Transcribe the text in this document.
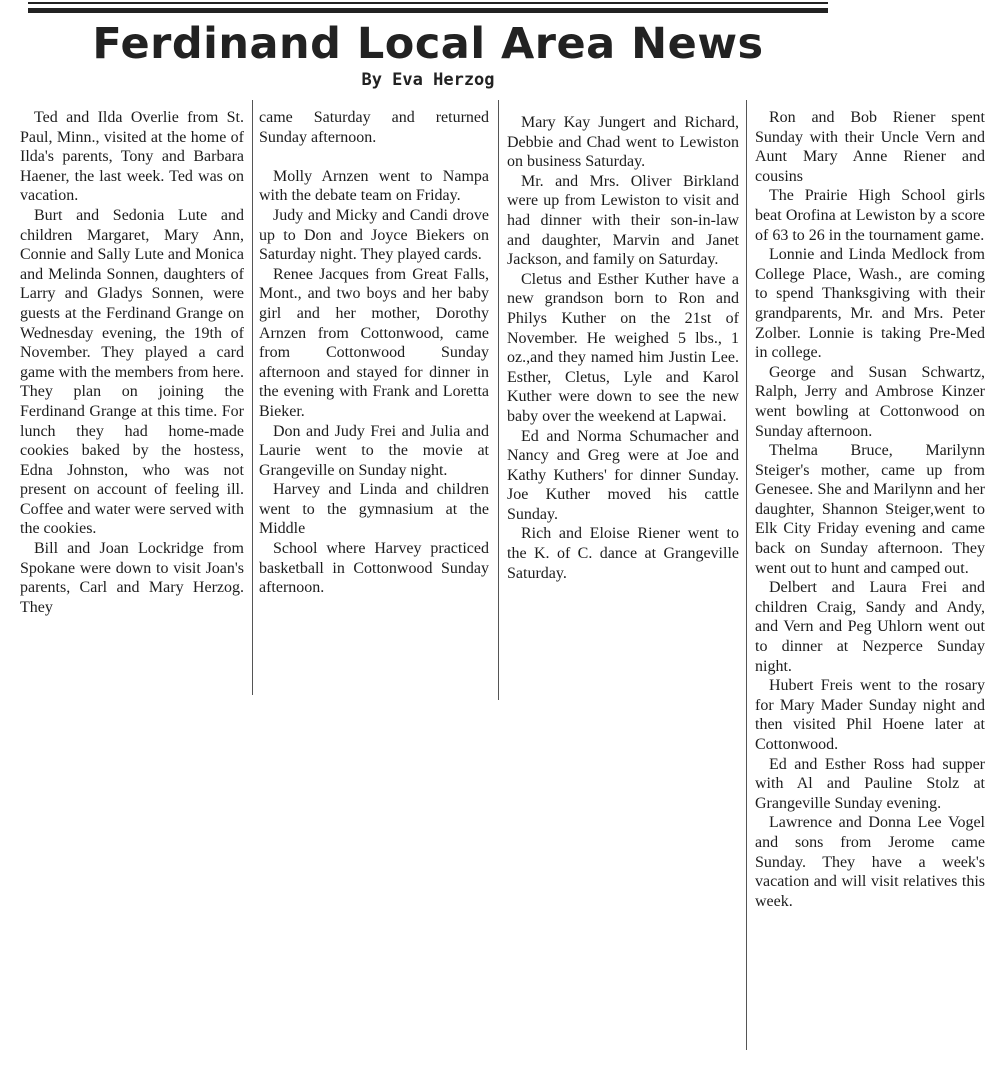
Ferdinand Local Area News
By Eva Herzog

Ted and Ilda Overlie from St. Paul, Minn., visited at the home of Ilda's parents, Tony and Barbara Haener, the last week. Ted was on vacation.

Burt and Sedonia Lute and children Margaret, Mary Ann, Connie and Sally Lute and Monica and Melinda Sonnen, daughters of Larry and Gladys Sonnen, were guests at the Ferdinand Grange on Wednesday evening, the 19th of November. They played a card game with the members from here. They plan on joining the Ferdinand Grange at this time. For lunch they had home-made cookies baked by the hostess, Edna Johnston, who was not present on account of feeling ill. Coffee and water were served with the cookies.

Bill and Joan Lockridge from Spokane were down to visit Joan's parents, Carl and Mary Herzog. They

came Saturday and returned Sunday afternoon.

Molly Arnzen went to Nampa with the debate team on Friday.

Judy and Micky and Candi drove up to Don and Joyce Biekers on Saturday night. They played cards.

Renee Jacques from Great Falls, Mont., and two boys and her baby girl and her mother, Dorothy Arnzen from Cottonwood, came from Cottonwood Sunday afternoon and stayed for dinner in the evening with Frank and Loretta Bieker.

Don and Judy Frei and Julia and Laurie went to the movie at Grangeville on Sunday night.

Harvey and Linda and children went to the gymnasium at the Middle

School where Harvey practiced basketball in Cottonwood Sunday afternoon.

Mary Kay Jungert and Richard, Debbie and Chad went to Lewiston on business Saturday.

Mr. and Mrs. Oliver Birkland were up from Lewiston to visit and had dinner with their son-in-law and daughter, Marvin and Janet Jackson, and family on Saturday.

Cletus and Esther Kuther have a new grandson born to Ron and Philys Kuther on the 21st of November. He weighed 5 lbs., 1 oz.,and they named him Justin Lee. Esther, Cletus, Lyle and Karol Kuther were down to see the new baby over the weekend at Lapwai.

Ed and Norma Schumacher and Nancy and Greg were at Joe and Kathy Kuthers' for dinner Sunday. Joe Kuther moved his cattle Sunday.

Rich and Eloise Riener went to the K. of C. dance at Grangeville Saturday.

Ron and Bob Riener spent Sunday with their Uncle Vern and Aunt Mary Anne Riener and cousins

The Prairie High School girls beat Orofina at Lewiston by a score of 63 to 26 in the tournament game.

Lonnie and Linda Medlock from College Place, Wash., are coming to spend Thanksgiving with their grandparents, Mr. and Mrs. Peter Zolber. Lonnie is taking Pre-Med in college.

George and Susan Schwartz, Ralph, Jerry and Ambrose Kinzer went bowling at Cottonwood on Sunday afternoon.

Thelma Bruce, Marilynn Steiger's mother, came up from Genesee. She and Marilynn and her daughter, Shannon Steiger,went to Elk City Friday evening and came back on Sunday afternoon. They went out to hunt and camped out.

Delbert and Laura Frei and children Craig, Sandy and Andy, and Vern and Peg Uhlorn went out to dinner at Nezperce Sunday night.

Hubert Freis went to the rosary for Mary Mader Sunday night and then visited Phil Hoene later at Cottonwood.

Ed and Esther Ross had supper with Al and Pauline Stolz at Grangeville Sunday evening.

Lawrence and Donna Lee Vogel and sons from Jerome came Sunday. They have a week's vacation and will visit relatives this week.
